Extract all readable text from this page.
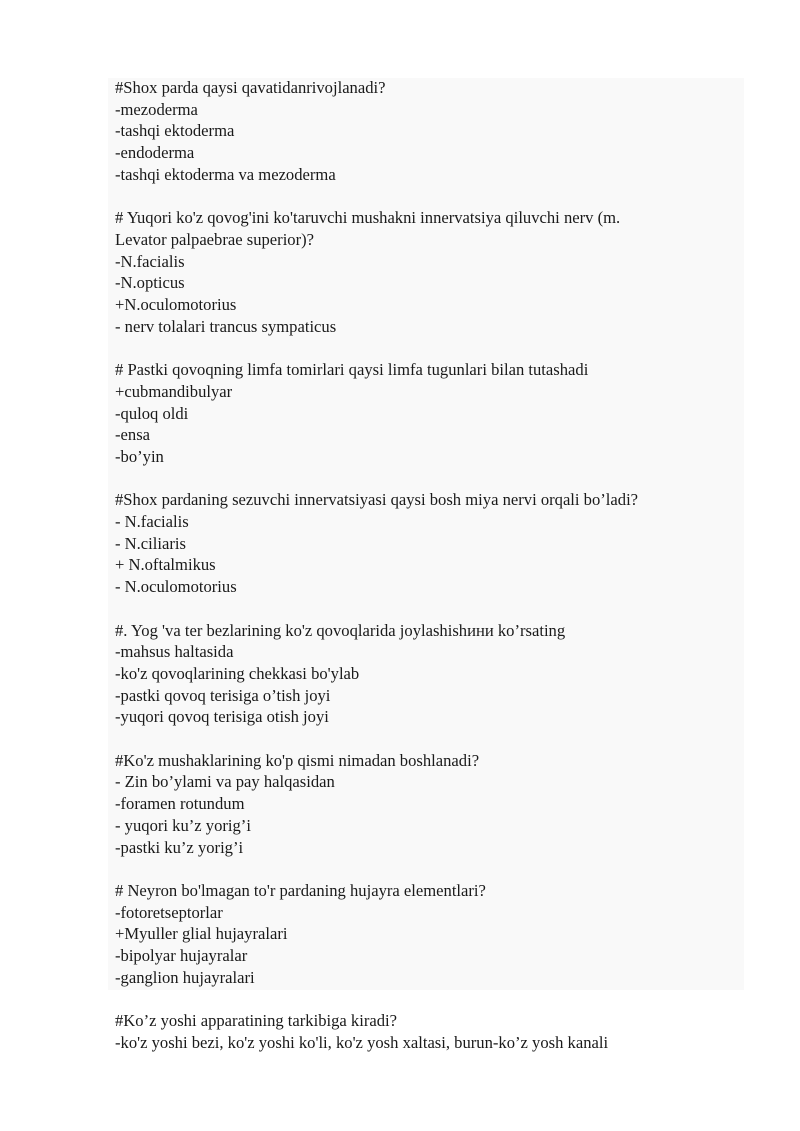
#Shox parda qaysi qavatidanrivojlanadi?
-mezoderma
-tashqi ektoderma
-endoderma
-tashqi ektoderma va mezoderma
# Yuqori ko'z qovog'ini ko'taruvchi mushakni innervatsiya qiluvchi nerv (m.
Levator palpaebrae superior)?
-N.facialis
-N.opticus
+N.oculomotorius
- nerv tolalari trancus sympaticus
# Pastki qovoqning limfa tomirlari qaysi limfa tugunlari bilan tutashadi
+cubmandibulyar
-quloq oldi
-ensa
-bo’yin
#Shox pardaning sezuvchi innervatsiyasi qaysi bosh miya nervi orqali bo’ladi?
- N.facialis
- N.ciliaris
+ N.oftalmikus
- N.oculomotorius
#. Yog 'va ter bezlarining ko'z qovoqlarida joylashishини ko’rsating
-mahsus haltasida
-ko'z qovoqlarining chekkasi bo'ylab
-pastki qovoq terisiga o’tish joyi
-yuqori qovoq terisiga otish joyi
#Ko'z mushaklarining ko'p qismi nimadan boshlanadi?
- Zin bo’ylami va pay halqasidan
-foramen rotundum
- yuqori ku’z yorig’i
-pastki ku’z yorig’i
# Neyron bo'lmagan to'r pardaning hujayra elementlari?
-fotoretseptorlar
+Myuller glial hujayralari
-bipolyar hujayralar
-ganglion hujayralari
#Ko’z yoshi apparatining tarkibiga kiradi?
-ko'z yoshi bezi, ko'z yoshi ko'li, ko'z yosh xaltasi, burun-ko’z yosh kanali
